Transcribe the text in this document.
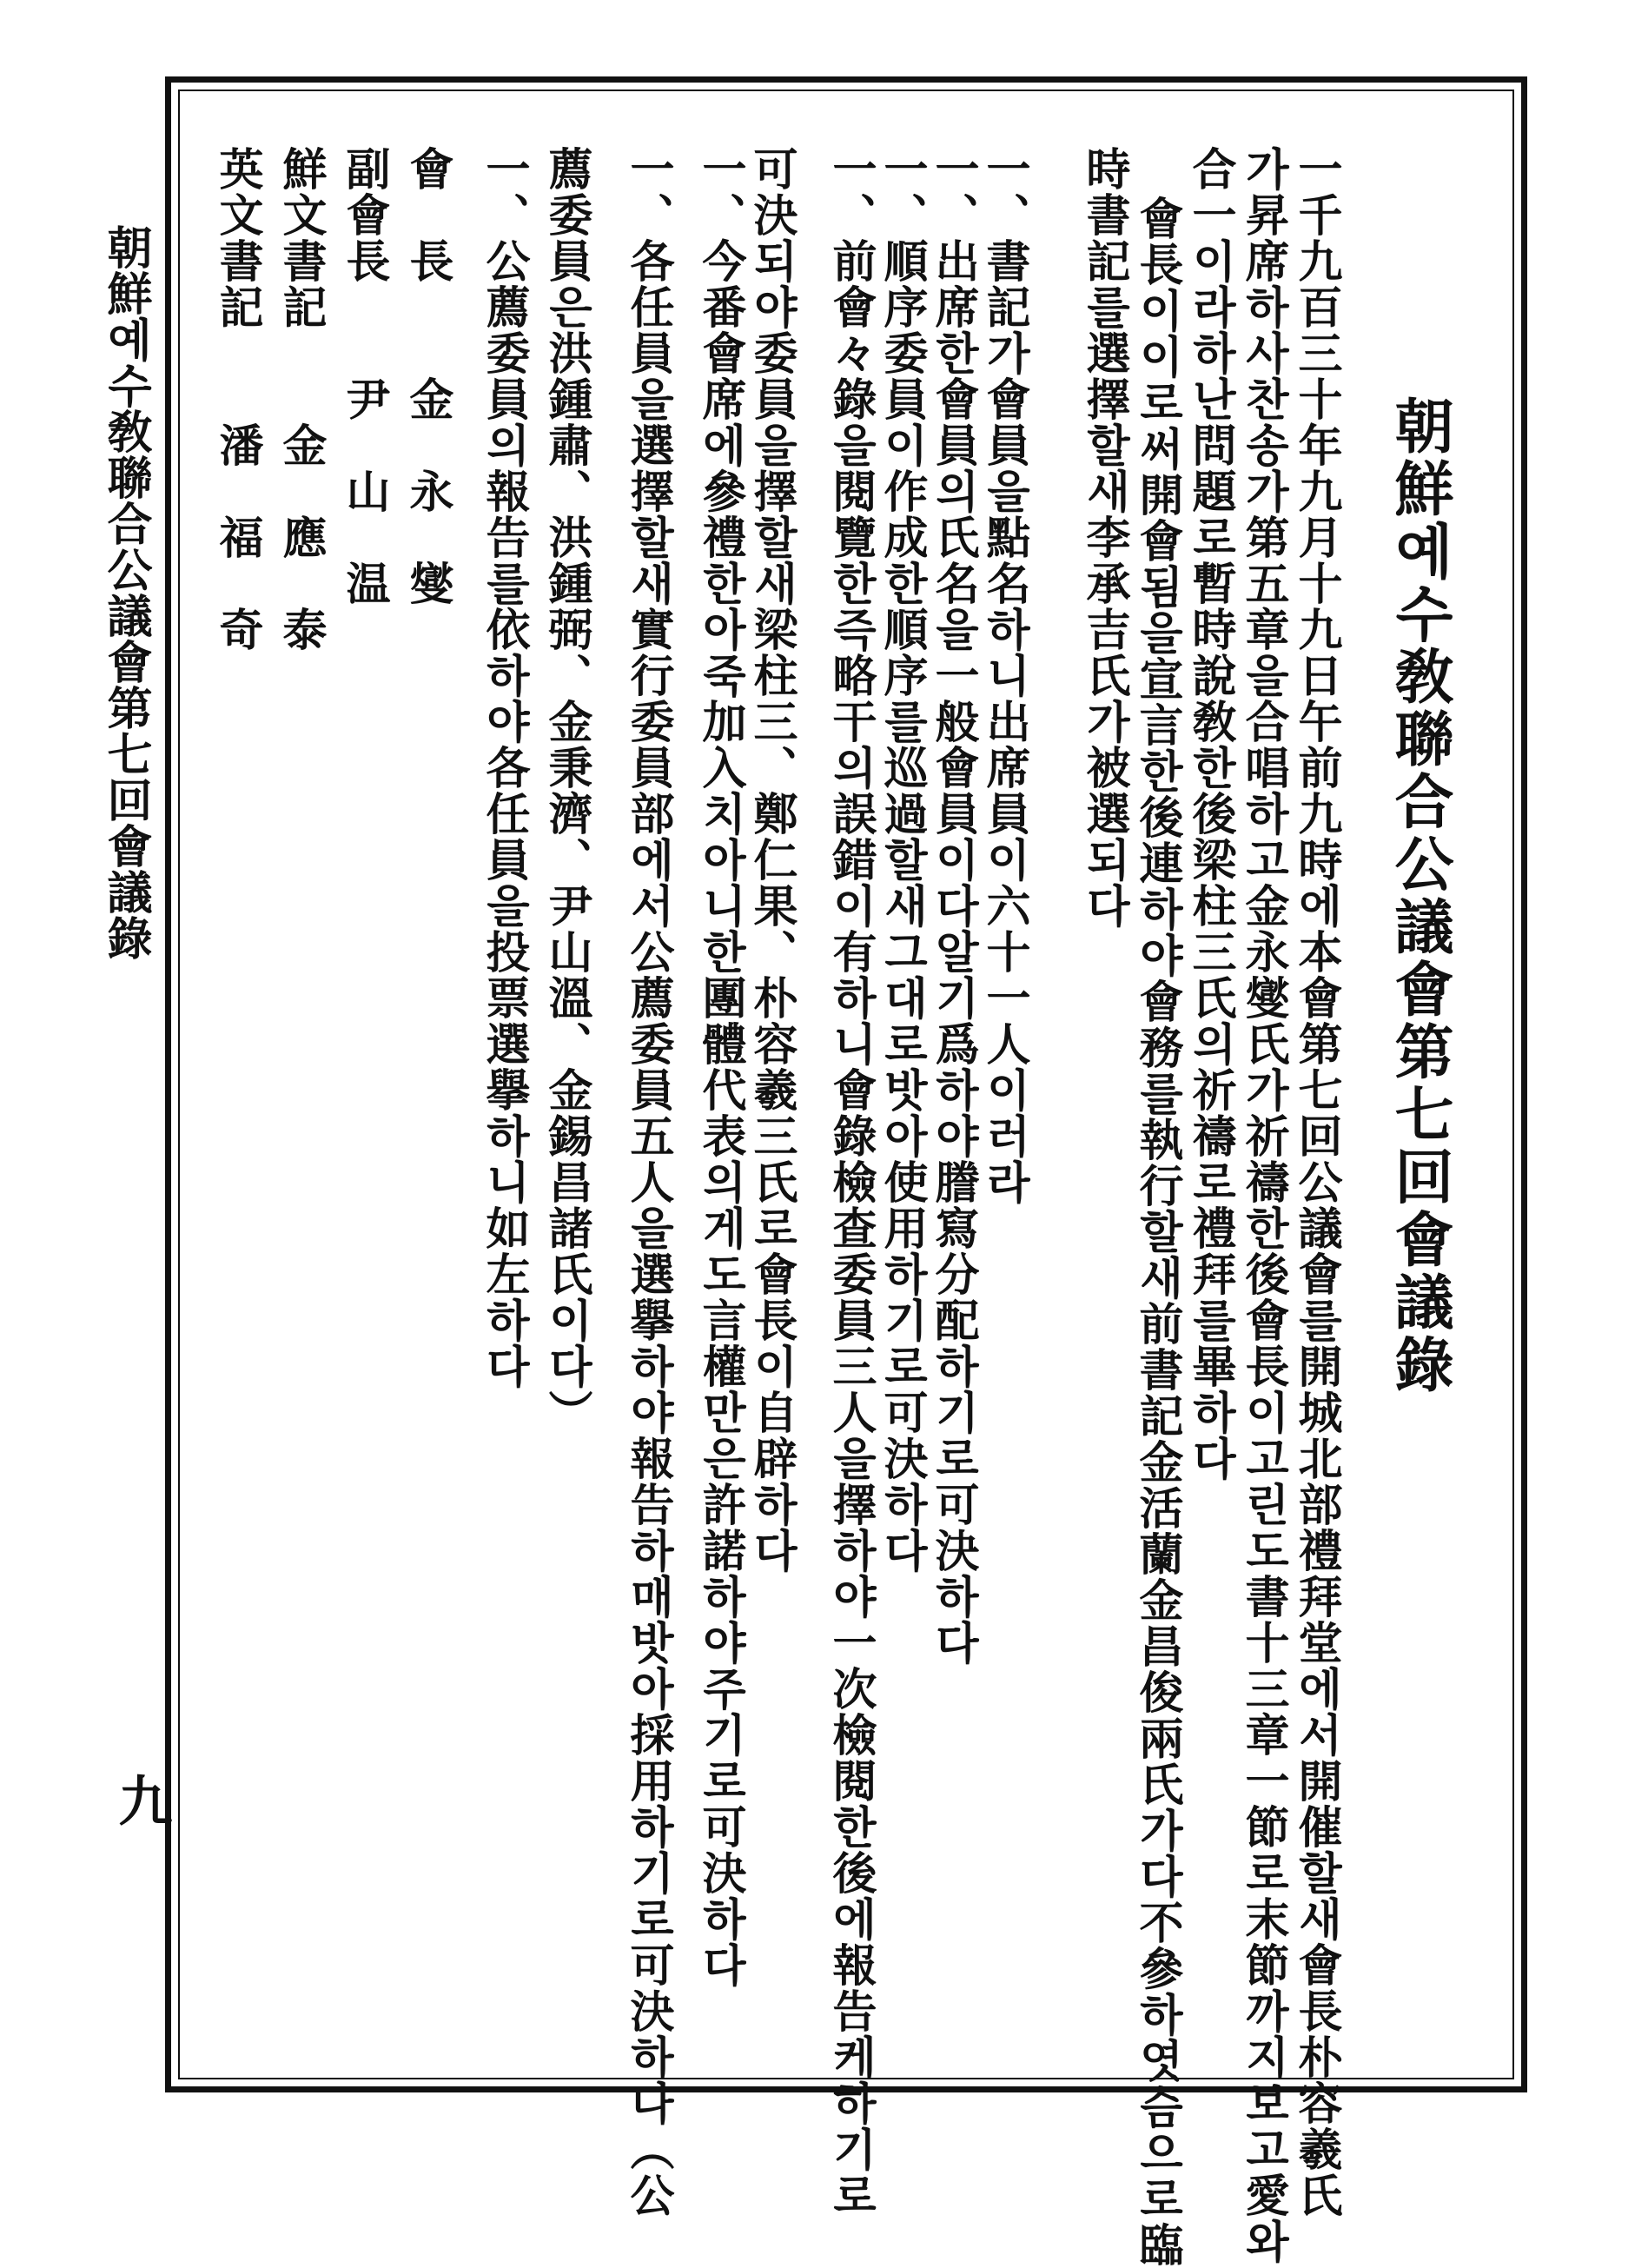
朝鮮예수敎聯合公議會第七回會議錄
一千九百三十年九月十九日午前九時에本會第七回公議會를開城北部禮拜堂에서開催할새會長朴容羲氏
가昇席하사찬송가第五章을合唱하고金永燮氏가祈禱한後會長이고린도書十三章一節로末節까지보고愛와
合一이라하난問題로暫時說敎한後梁柱三氏의祈禱로禮拜를畢하다
會長이이로써開會됨을宣言한後連하야會務를執行할새前書記金活蘭金昌俊兩氏가다不參하엿슴으로臨
時書記를選擇할새李承吉氏가被選되다
一、書記가會員을點名하니出席員이六十一人이러라
一、出席한會員의氏名을一般會員이다알기爲하야謄寫分配하기로可決하다
一、順序委員이作成한順序를巡過할새그대로밧아使用하기로可決하다
一、前會々錄을閱覽한즉略干의誤錯이有하니會錄檢查委員三人을擇하야一次檢閱한後에報告케하기로
可決되야委員을擇할새梁柱三、鄭仁果、朴容羲三氏로會長이自辟하다
一、今番會席에參禮한아죽加入치아니한團體代表의게도言權만은許諾하야주기로可決하다
一、各任員을選擇할새實行委員部에서公薦委員五人을選擧하야報告하매밧아採用하기로可決하다（公
薦委員은洪鍾肅、洪鍾弼、金秉濟、尹山溫、金錫昌諸氏이다）
一、公薦委員의報告를依하야各任員을投票選擧하니如左하다
會　長　　金　永　燮
副會長　　尹　山　温
鮮文書記　　金　應　泰
英文書記　　潘　福　奇
朝鮮예수敎聯合公議會第七回會議錄
九
